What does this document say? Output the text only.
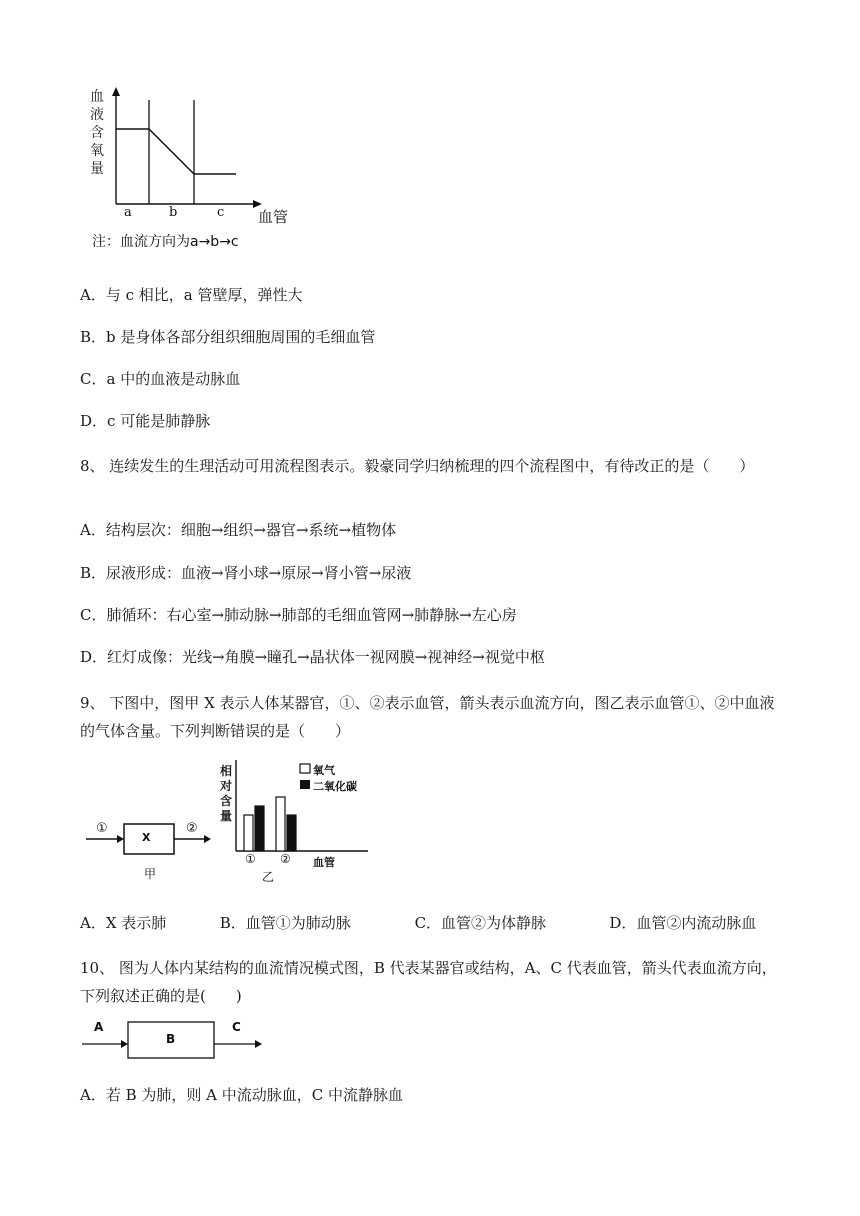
血
液
含
氧
量
a	b	c 血管
注：血流方向为a→b→c
A．与 c 相比，a 管壁厚，弹性大
B．b 是身体各部分组织细胞周围的毛细血管
C．a 中的血液是动脉血
D．c 可能是肺静脉
8、 连续发生的生理活动可用流程图表示。毅豪同学归纳梳理的四个流程图中，有待改正的是（　　）
A．结构层次：细胞→组织→器官→系统→植物体
B．尿液形成：血液→肾小球→原尿→肾小管→尿液
C．肺循环：右心室→肺动脉→肺部的毛细血管网→肺静脉→左心房
D．红灯成像：光线→角膜→瞳孔→晶状体一视网膜→视神经→视觉中枢
9、 下图中，图甲 X 表示人体某器官，①、②表示血管，箭头表示血流方向，图乙表示血管①、②中血液的气体含量。下列判断错误的是（　　）
①
X
②
甲
相
对
含
量
氧气
二氧化碳
① ② 血管
乙
A．X 表示肺	B．血管①为肺动脉	C．血管②为体静脉	D．血管②内流动脉血
10、 图为人体内某结构的血流情况模式图，B 代表某器官或结构，A、C 代表血管，箭头代表血流方向，下列叙述正确的是(　　)
A
B
C
A．若 B 为肺，则 A 中流动脉血，C 中流静脉血
